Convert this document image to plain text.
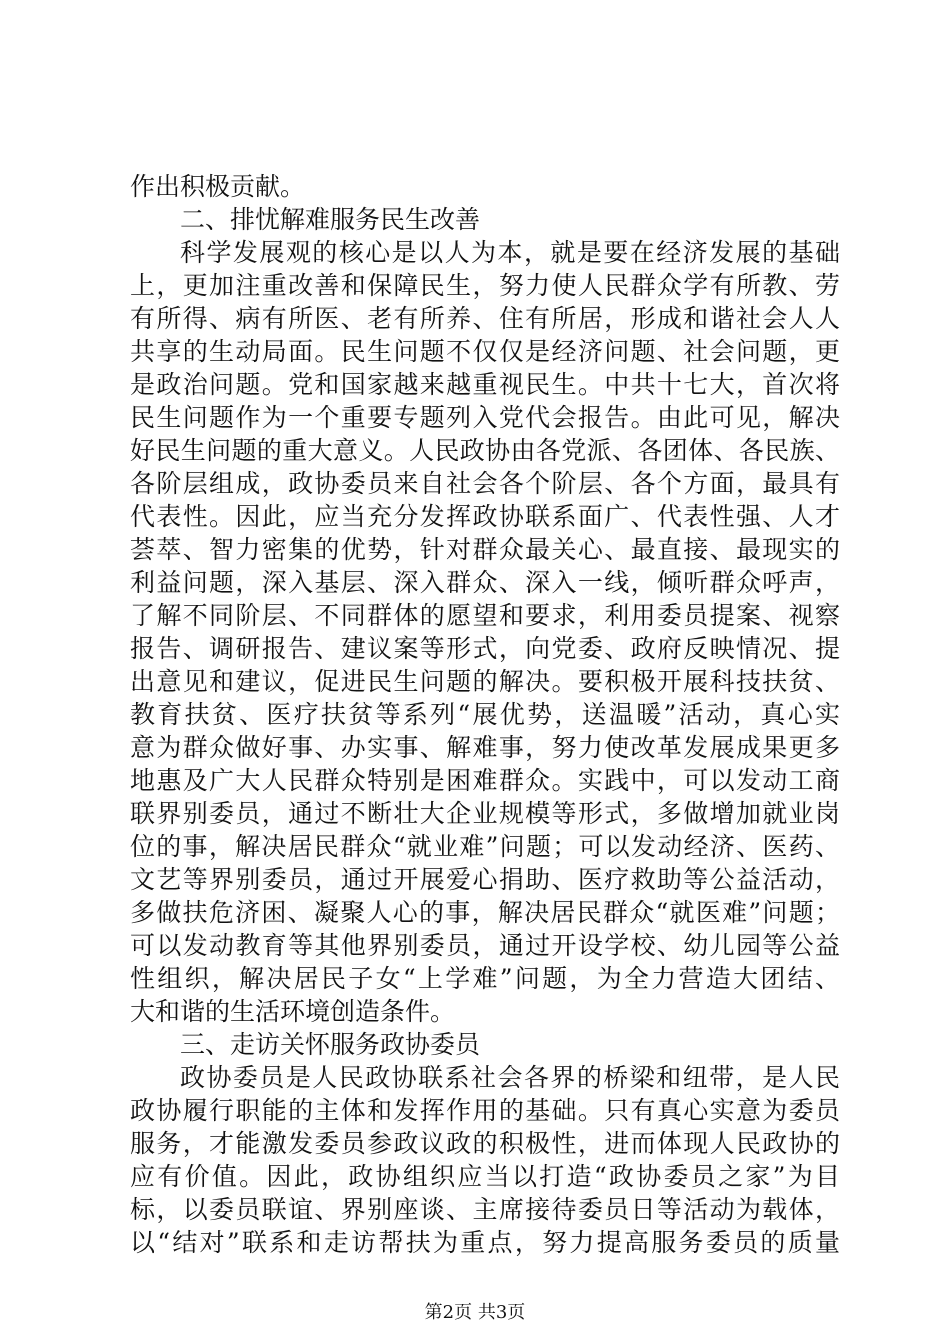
作出积极贡献。
二、排忧解难服务民生改善
科学发展观的核心是以人为本，就是要在经济发展的基础
上，更加注重改善和保障民生，努力使人民群众学有所教、劳
有所得、病有所医、老有所养、住有所居，形成和谐社会人人
共享的生动局面。民生问题不仅仅是经济问题、社会问题，更
是政治问题。党和国家越来越重视民生。中共十七大，首次将
民生问题作为一个重要专题列入党代会报告。由此可见，解决
好民生问题的重大意义。人民政协由各党派、各团体、各民族、
各阶层组成，政协委员来自社会各个阶层、各个方面，最具有
代表性。因此，应当充分发挥政协联系面广、代表性强、人才
荟萃、智力密集的优势，针对群众最关心、最直接、最现实的
利益问题，深入基层、深入群众、深入一线，倾听群众呼声，
了解不同阶层、不同群体的愿望和要求，利用委员提案、视察
报告、调研报告、建议案等形式，向党委、政府反映情况、提
出意见和建议，促进民生问题的解决。要积极开展科技扶贫、
教育扶贫、医疗扶贫等系列“展优势，送温暖”活动，真心实
意为群众做好事、办实事、解难事，努力使改革发展成果更多
地惠及广大人民群众特别是困难群众。实践中，可以发动工商
联界别委员，通过不断壮大企业规模等形式，多做增加就业岗
位的事，解决居民群众“就业难”问题；可以发动经济、医药、
文艺等界别委员，通过开展爱心捐助、医疗救助等公益活动，
多做扶危济困、凝聚人心的事，解决居民群众“就医难”问题；
可以发动教育等其他界别委员，通过开设学校、幼儿园等公益
性组织，解决居民子女“上学难”问题，为全力营造大团结、
大和谐的生活环境创造条件。
三、走访关怀服务政协委员
政协委员是人民政协联系社会各界的桥梁和纽带，是人民
政协履行职能的主体和发挥作用的基础。只有真心实意为委员
服务，才能激发委员参政议政的积极性，进而体现人民政协的
应有价值。因此，政协组织应当以打造“政协委员之家”为目
标，以委员联谊、界别座谈、主席接待委员日等活动为载体，
以“结对”联系和走访帮扶为重点，努力提高服务委员的质量
第2页 共3页
